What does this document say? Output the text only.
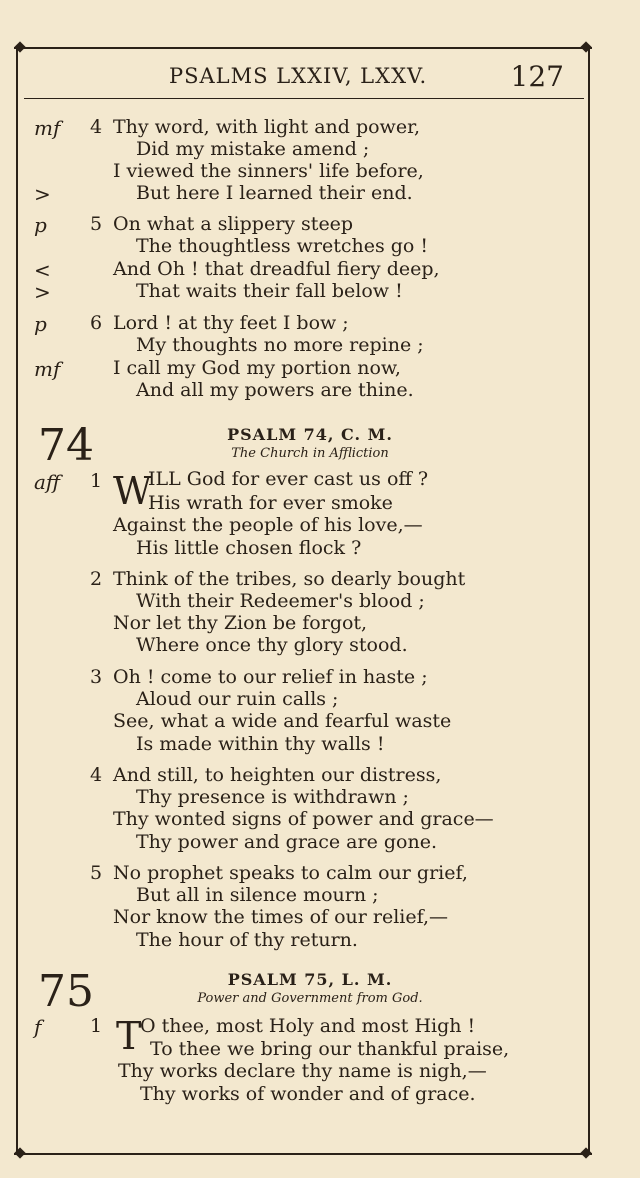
PSALMS LXXIV, LXXV.	127
mf
>
4 Thy word, with light and power,
Did my mistake amend ;
I viewed the sinners' life before,
But here I learned their end.
p
<
>
5 On what a slippery steep
The thoughtless wretches go !
And Oh ! that dreadful fiery deep,
That waits their fall below !
p
mf
6 Lord ! at thy feet I bow ;
My thoughts no more repine ;
I call my God my portion now,
And all my powers are thine.
74	PSALM 74, C. M.
The Church in Affliction
aff 1 W
ILL God for ever cast us off ?
His wrath for ever smoke
Against the people of his love,—
His little chosen flock ?
2 Think of the tribes, so dearly bought
With their Redeemer's blood ;
Nor let thy Zion be forgot,
Where once thy glory stood.
3 Oh ! come to our relief in haste ;
Aloud our ruin calls ;
See, what a wide and fearful waste
Is made within thy walls !
4 And still, to heighten our distress,
Thy presence is withdrawn ;
Thy wonted signs of power and grace—
Thy power and grace are gone.
5 No prophet speaks to calm our grief,
But all in silence mourn ;
Nor know the times of our relief,—
The hour of thy return.
75	PSALM 75, L. M.
Power and Government from God.
f	1 T
O thee, most Holy and most High !
To thee we bring our thankful praise,
Thy works declare thy name is nigh,—
Thy works of wonder and of grace.
